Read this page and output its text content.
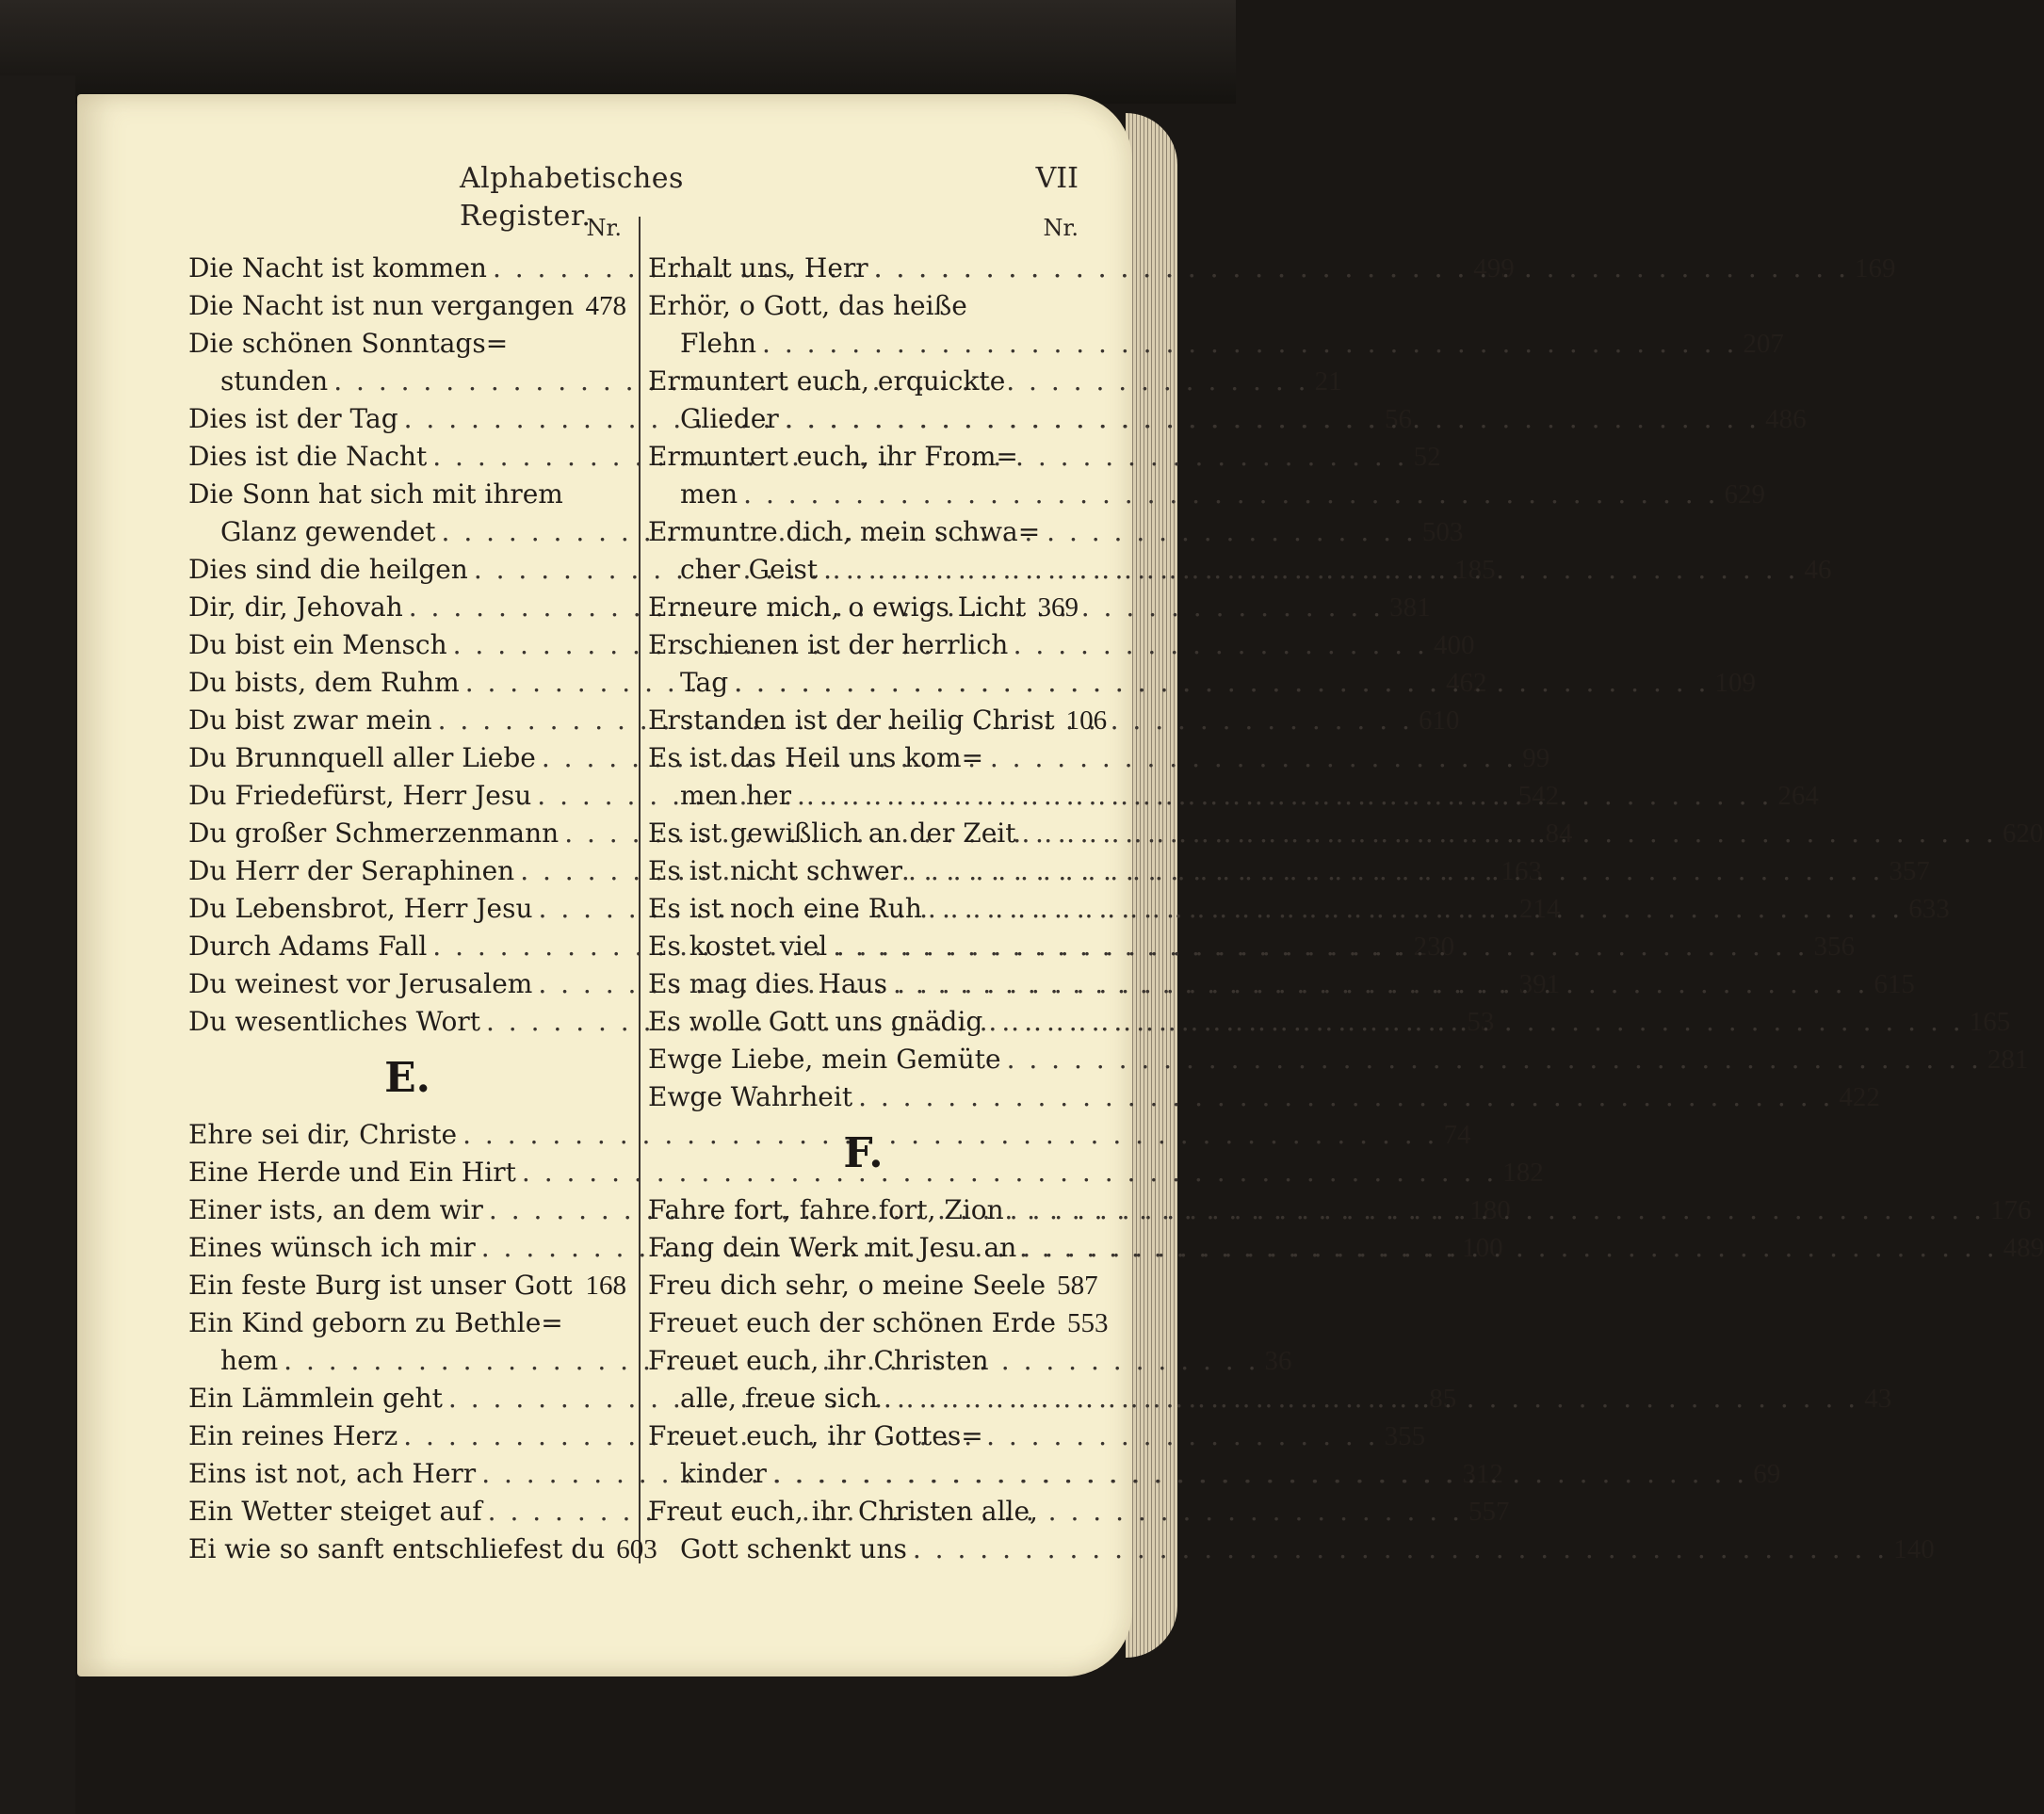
Alphabetisches Register.
VII
Nr.	Nr.
Die Nacht ist kommen . . .	499
Die Nacht ist nun vergangen . . . 478
Die schönen Sonntags=
stunden . . .	21
Dies ist der Tag . . .	56
Dies ist die Nacht . . .	52
Die Sonn hat sich mit ihrem
Glanz gewendet . . .	503
Dies sind die heilgen . . .	185
Dir, dir, Jehovah . . .	381
Du bist ein Mensch . . .	400
Du bists, dem Ruhm . . .	462
Du bist zwar mein . . .	610
Du Brunnquell aller Liebe . . .	99
Du Friedefürst, Herr Jesu . . .	542
Du großer Schmerzenmann . . .	84
Du Herr der Seraphinen . . .	163
Du Lebensbrot, Herr Jesu . . .	214
Durch Adams Fall . . .	230
Du weinest vor Jerusalem . . .	391
Du wesentliches Wort . . .	53
E.
Ehre sei dir, Christe . . .	74
Eine Herde und Ein Hirt . . .	182
Einer ists, an dem wir . . .	180
Eines wünsch ich mir . . .	100
Ein feste Burg ist unser Gott . . . 168
Ein Kind geborn zu Bethle=
hem . . .	36
Ein Lämmlein geht . . .	85
Ein reines Herz . . .	355
Eins ist not, ach Herr . . .	312
Ein Wetter steiget auf . . .	557
Ei wie so sanft entschliefest du 603
Erhalt uns, Herr . . .	169
Erhör, o Gott, das heiße
Flehn . . .	207
Ermuntert euch, erquickte
Glieder . . .	486
Ermuntert euch, ihr From=
men . . .	629
Ermuntre dich, mein schwa=
cher Geist . . .	46
Erneure mich, o ewigs Licht . . . 369
Erschienen ist der herrlich
Tag . . .	109
Erstanden ist der heilig Christ 106
Es ist das Heil uns kom=
men her . . .	264
Es ist gewißlich an der Zeit . . .	620
Es ist nicht schwer . . .	357
Es ist noch eine Ruh . . .	633
Es kostet viel . . .	356
Es mag dies Haus . . .	615
Es wolle Gott uns gnädig . . .	165
Ewge Liebe, mein Gemüte . . .	281
Ewge Wahrheit . . .	422
F.
Fahre fort, fahre fort, Zion . . .	176
Fang dein Werk mit Jesu an . . .	489
Freu dich sehr, o meine Seele 587
Freuet euch der schönen Erde 553
Freuet euch, ihr Christen
alle, freue sich . . .	43
Freuet euch, ihr Gottes=
kinder . . .	69
Freut euch, ihr Christen alle,
Gott schenkt uns . . .	140
